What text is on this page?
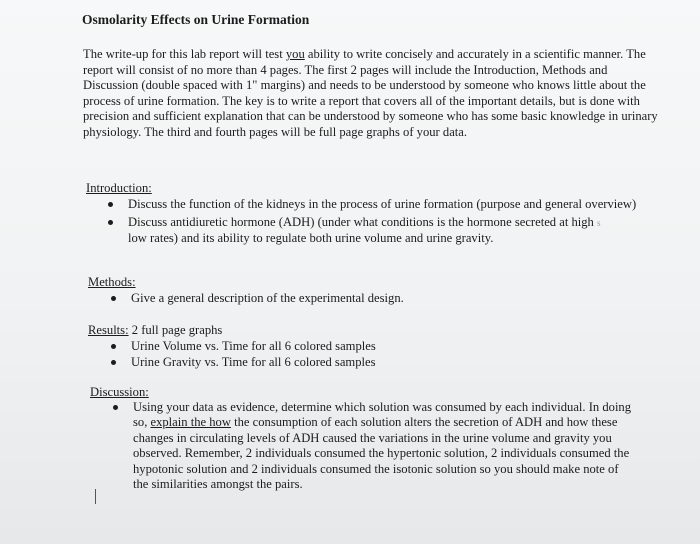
Osmolarity Effects on Urine Formation
The write-up for this lab report will test you ability to write concisely and accurately in a scientific manner. The report will consist of no more than 4 pages. The first 2 pages will include the Introduction, Methods and Discussion (double spaced with 1" margins) and needs to be understood by someone who knows little about the process of urine formation. The key is to write a report that covers all of the important details, but is done with precision and sufficient explanation that can be understood by someone who has some basic knowledge in urinary physiology. The third and fourth pages will be full page graphs of your data.
Introduction:
Discuss the function of the kidneys in the process of urine formation (purpose and general overview)
Discuss antidiuretic hormone (ADH) (under what conditions is the hormone secreted at high s
low rates) and its ability to regulate both urine volume and urine gravity.
Methods:
Give a general description of the experimental design.
Results: 2 full page graphs
Urine Volume vs. Time for all 6 colored samples
Urine Gravity vs. Time for all 6 colored samples
Discussion:
Using your data as evidence, determine which solution was consumed by each individual. In doing so, explain the how the consumption of each solution alters the secretion of ADH and how these changes in circulating levels of ADH caused the variations in the urine volume and gravity you observed. Remember, 2 individuals consumed the hypertonic solution, 2 individuals consumed the hypotonic solution and 2 individuals consumed the isotonic solution so you should make note of the similarities amongst the pairs.
